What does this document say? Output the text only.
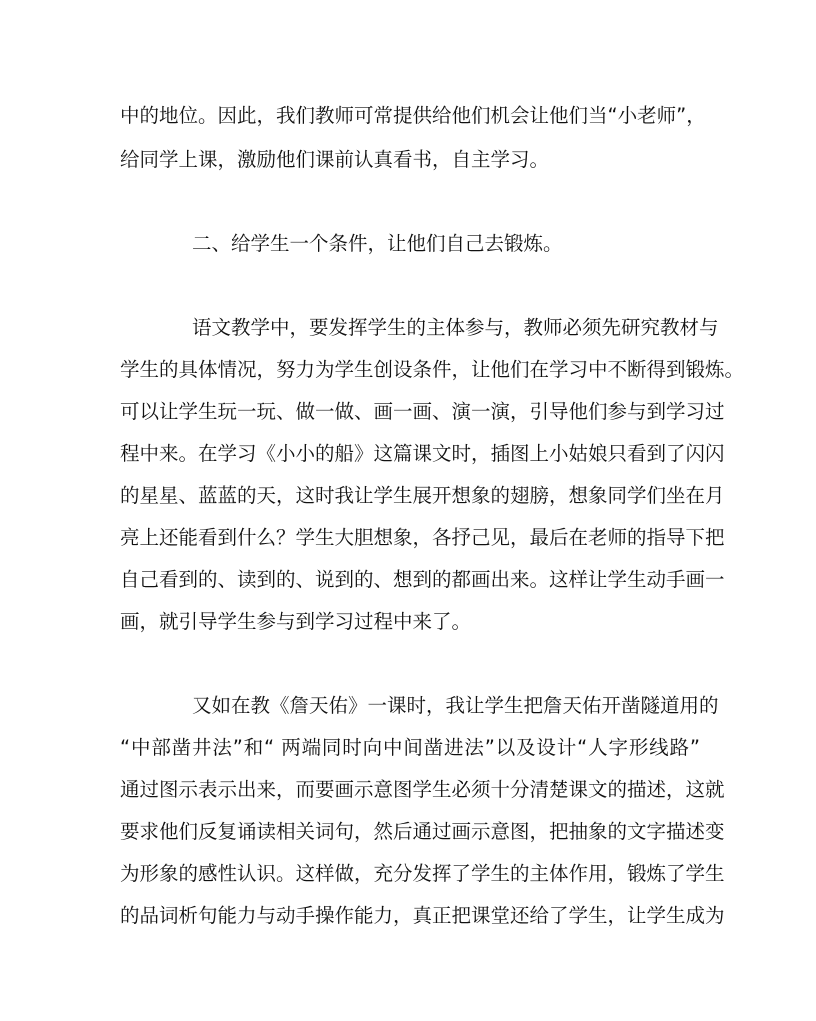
中的地位。因此，我们教师可常提供给他们机会让他们当“小老师”，
给同学上课，激励他们课前认真看书，自主学习。
二、给学生一个条件，让他们自己去锻炼。
语文教学中，要发挥学生的主体参与，教师必须先研究教材与
学生的具体情况，努力为学生创设条件，让他们在学习中不断得到锻炼。
可以让学生玩一玩、做一做、画一画、演一演，引导他们参与到学习过
程中来。在学习《小小的船》这篇课文时，插图上小姑娘只看到了闪闪
的星星、蓝蓝的天，这时我让学生展开想象的翅膀，想象同学们坐在月
亮上还能看到什么？学生大胆想象，各抒己见，最后在老师的指导下把
自己看到的、读到的、说到的、想到的都画出来。这样让学生动手画一
画，就引导学生参与到学习过程中来了。
又如在教《詹天佑》一课时，我让学生把詹天佑开凿隧道用的
“中部凿井法”和“ 两端同时向中间凿进法”以及设计“人字形线路”
通过图示表示出来，而要画示意图学生必须十分清楚课文的描述，这就
要求他们反复诵读相关词句，然后通过画示意图，把抽象的文字描述变
为形象的感性认识。这样做，充分发挥了学生的主体作用，锻炼了学生
的品词析句能力与动手操作能力，真正把课堂还给了学生，让学生成为
